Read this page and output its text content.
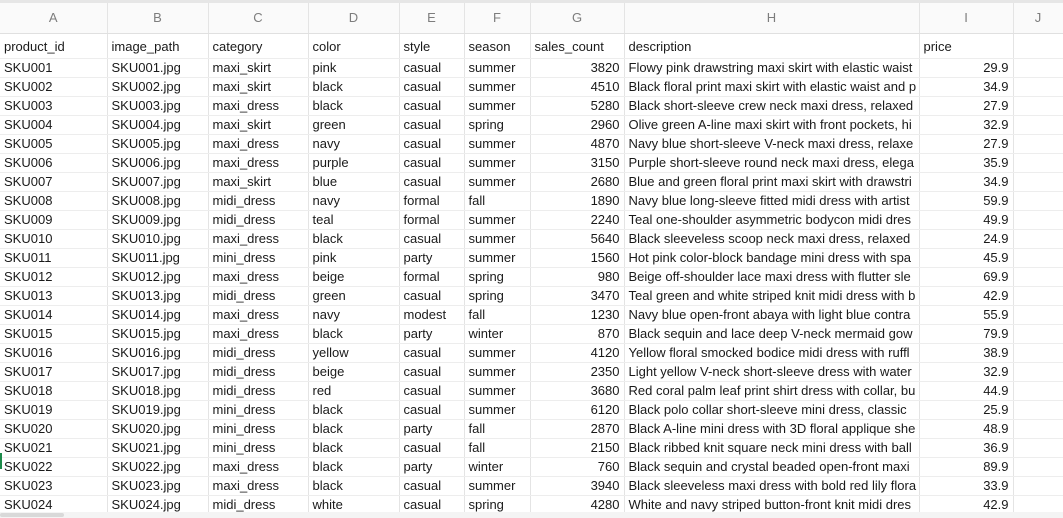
A	B	C	D	E	F	G	H	I	J
product_id	image_path	category	color	style	season	sales_count	description	price	
SKU001	SKU001.jpg	maxi_skirt	pink	casual	summer	3820	Flowy pink drawstring maxi skirt with elastic waist	29.9	
SKU002	SKU002.jpg	maxi_skirt	black	casual	summer	4510	Black floral print maxi skirt with elastic waist and p	34.9	
SKU003	SKU003.jpg	maxi_dress	black	casual	summer	5280	Black short-sleeve crew neck maxi dress, relaxed	27.9	
SKU004	SKU004.jpg	maxi_skirt	green	casual	spring	2960	Olive green A-line maxi skirt with front pockets, hi	32.9	
SKU005	SKU005.jpg	maxi_dress	navy	casual	summer	4870	Navy blue short-sleeve V-neck maxi dress, relaxe	27.9	
SKU006	SKU006.jpg	maxi_dress	purple	casual	summer	3150	Purple short-sleeve round neck maxi dress, elega	35.9	
SKU007	SKU007.jpg	maxi_skirt	blue	casual	summer	2680	Blue and green floral print maxi skirt with drawstri	34.9	
SKU008	SKU008.jpg	midi_dress	navy	formal	fall	1890	Navy blue long-sleeve fitted midi dress with artist	59.9	
SKU009	SKU009.jpg	midi_dress	teal	formal	summer	2240	Teal one-shoulder asymmetric bodycon midi dres	49.9	
SKU010	SKU010.jpg	maxi_dress	black	casual	summer	5640	Black sleeveless scoop neck maxi dress, relaxed	24.9	
SKU011	SKU011.jpg	mini_dress	pink	party	summer	1560	Hot pink color-block bandage mini dress with spa	45.9	
SKU012	SKU012.jpg	maxi_dress	beige	formal	spring	980	Beige off-shoulder lace maxi dress with flutter sle	69.9	
SKU013	SKU013.jpg	midi_dress	green	casual	spring	3470	Teal green and white striped knit midi dress with b	42.9	
SKU014	SKU014.jpg	maxi_dress	navy	modest	fall	1230	Navy blue open-front abaya with light blue contra	55.9	
SKU015	SKU015.jpg	maxi_dress	black	party	winter	870	Black sequin and lace deep V-neck mermaid gow	79.9	
SKU016	SKU016.jpg	midi_dress	yellow	casual	summer	4120	Yellow floral smocked bodice midi dress with ruffl	38.9	
SKU017	SKU017.jpg	midi_dress	beige	casual	summer	2350	Light yellow V-neck short-sleeve dress with water	32.9	
SKU018	SKU018.jpg	midi_dress	red	casual	summer	3680	Red coral palm leaf print shirt dress with collar, bu	44.9	
SKU019	SKU019.jpg	mini_dress	black	casual	summer	6120	Black polo collar short-sleeve mini dress, classic	25.9	
SKU020	SKU020.jpg	mini_dress	black	party	fall	2870	Black A-line mini dress with 3D floral applique she	48.9	
SKU021	SKU021.jpg	mini_dress	black	casual	fall	2150	Black ribbed knit square neck mini dress with ball	36.9	
SKU022	SKU022.jpg	maxi_dress	black	party	winter	760	Black sequin and crystal beaded open-front maxi	89.9	
SKU023	SKU023.jpg	maxi_dress	black	casual	summer	3940	Black sleeveless maxi dress with bold red lily flora	33.9	
SKU024	SKU024.jpg	midi_dress	white	casual	spring	4280	White and navy striped button-front knit midi dres	42.9	
